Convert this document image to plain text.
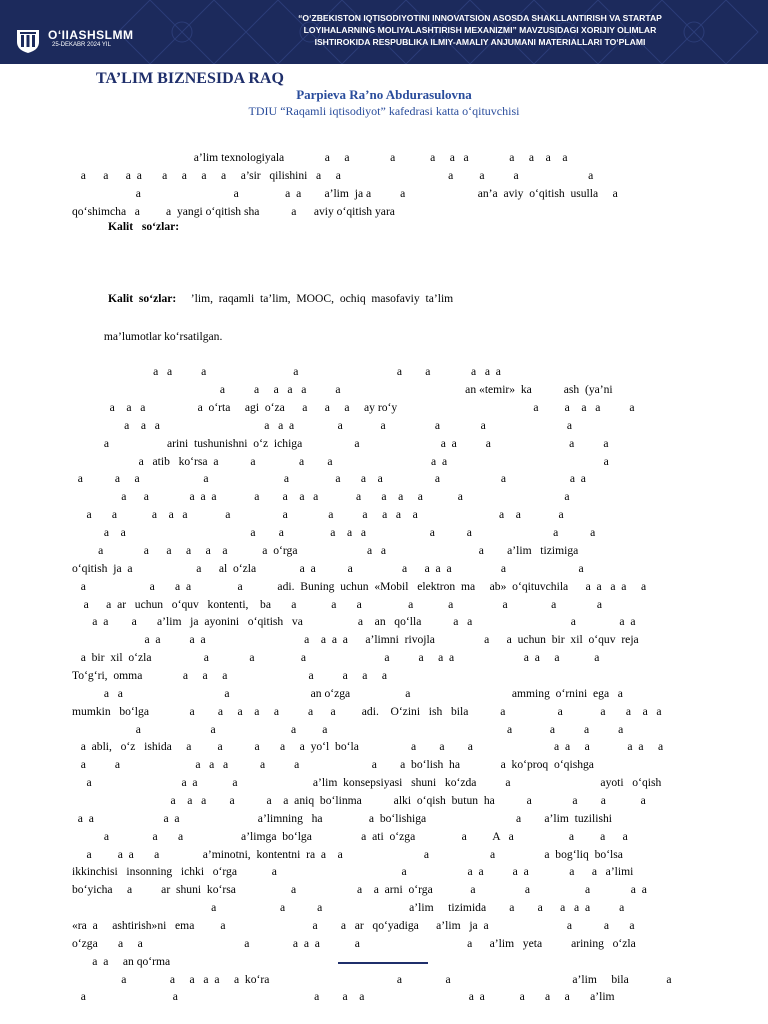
O‘IIASHSLMM
25-DEKABR 2024 YIL
“O‘ZBEKISTON IQTISODIYOTINI INNOVATSION ASOSDA SHAKLLANTIRISH VA STARTAP
LOYIHALARNING MOLIYALASHTIRISH MEXANIZMI” MAVZUSIDAGI XORIJIY OLIMLAR
ISHTIROKIDA RESPUBLIKA ILMIY-AMALIY ANJUMANI MATERIALLARI TO‘PLAMI
TA’LIM BIZNESIDA RAQ
Parpieva Ra’no Abdurasulovna
TDIU “Raqamli iqtisodiyot” kafedrasi katta o‘qituvchisi
a’lim texnologiyala              a     a              a            a     a   a              a     a    a    a
a      a      a  a       a     a     a     a     a’sir   qilishini   a     a                                     a         a          a                        a
a                                a                a  a        a’lim  ja a          a                         an’a  aviy  o‘qitish  usulla     a
qo‘shimcha   a         a  yangi o‘qitish sha           a      aviy o‘qitish yara
ma’lumotlar ko‘rsatilgan.
a   a          a                              a                                  a        a              a   a  a
a          a     a   a   a          a                                           an «temir»  ka           ash  (ya’ni
a    a   a                  a  o‘rta     agi  o‘za      a      a     a     ay ro‘y                                               a         a    a   a          a
a    a   a                                    a   a  a               a             a                 a              a                            a
a                    arini  tushunishni  o‘z  ichiga                  a                            a  a          a                           a          a
a   atib   ko‘rsa  a           a               a        a                                  a  a                                                      a
a           a     a                      a                          a                a       a    a                  a                     a                      a  a
a      a              a  a  a             a        a    a   a             a       a    a     a            a                                   a
a       a            a    a   a             a                  a              a          a     a   a    a                            a    a             a
a    a                                           a        a                a    a   a                      a           a                            a           a
a              a      a     a     a    a            a  o‘rga                        a   a                                a        a’lim   tizimiga
o‘qitish  ja  a                      a      al  o‘zla               a  a           a                 a      a  a  a                 a                         a
a                      a       a  a                a            adi.  Buning  uchun  «Mobil   elektron  ma     ab»  o‘qituvchila      a  a   a  a     a
a      a  ar   uchun   o‘quv   kontenti,    ba       a            a       a                a            a                 a               a              a
a  a        a       a’lim   ja  ayonini   o‘qitish   va                   a    an   qo‘lla           a   a                                  a               a  a
a  a          a  a                                  a    a  a  a      a’limni  rivojla                 a      a  uchun  bir  xil  o‘quv  reja
a  bir  xil  o‘zla                  a              a                a                           a          a     a  a                        a  a     a            a
To‘g‘ri,  omma              a     a     a                            a          a     a     a
a   a                                   a                            an o‘zga                   a                                   amming  o‘rnini  ega   a
mumkin   bo‘lga              a        a     a    a     a          a      a         adi.    O‘zini   ish   bila           a                  a             a       a    a   a
a                        a                          a         a                                                              a             a          a          a
a  abli,   o‘z   ishida     a         a           a       a     a  yo‘l  bo‘la                  a        a        a                            a  a     a             a  a     a
a          a                          a   a   a           a          a                         a        a  bo‘lish  ha              a  ko‘proq  o‘qishga
a                               a  a            a                          a’lim  konsepsiyasi   shuni   ko‘zda          a                               ayoti   o‘qish
a    a   a        a           a    a  aniq  bo‘linma           alki  o‘qish  butun  ha           a              a        a            a
a  a                        a  a                           a’limning   ha                a  bo‘lishiga                               a        a’lim  tuzilishi
a               a       a                    a’limga  bo‘lga                 a  ati  o‘zga                a         A   a                   a         a      a
a         a  a       a               a’minotni,  kontentni  ra  a    a                            a                     a                 a  bog‘liq  bo‘lsa
ikkinchisi   insonning   ichki   o‘rga            a                                           a                     a  a          a  a              a      a   a’limi
bo‘yicha     a          ar  shuni  ko‘rsa                   a                     a    a  arni  o‘rga             a                 a                   a              a  a
a                      a           a                              a’lim     tizimida        a        a      a   a  a          a
«ra  a     ashtirish»ni   ema         a                              a        a   ar   qo‘yadiga      a’lim   ja  a                           a           a       a
o‘zga       a     a                                   a               a  a  a            a                                     a      a’lim   yeta          arining   o‘zla
a  a     an qo‘rma
a               a     a   a  a     a  ko‘ra                                            a               a                                          a’lim     bila             a
a                              a                                               a        a    a                                    a  a            a       a     a       a’lim
Kalit   so‘zlar:
Kalit  so‘zlar: ’lim,  raqamli  ta’lim,  MOOC,  ochiq  masofaviy  ta’lim
